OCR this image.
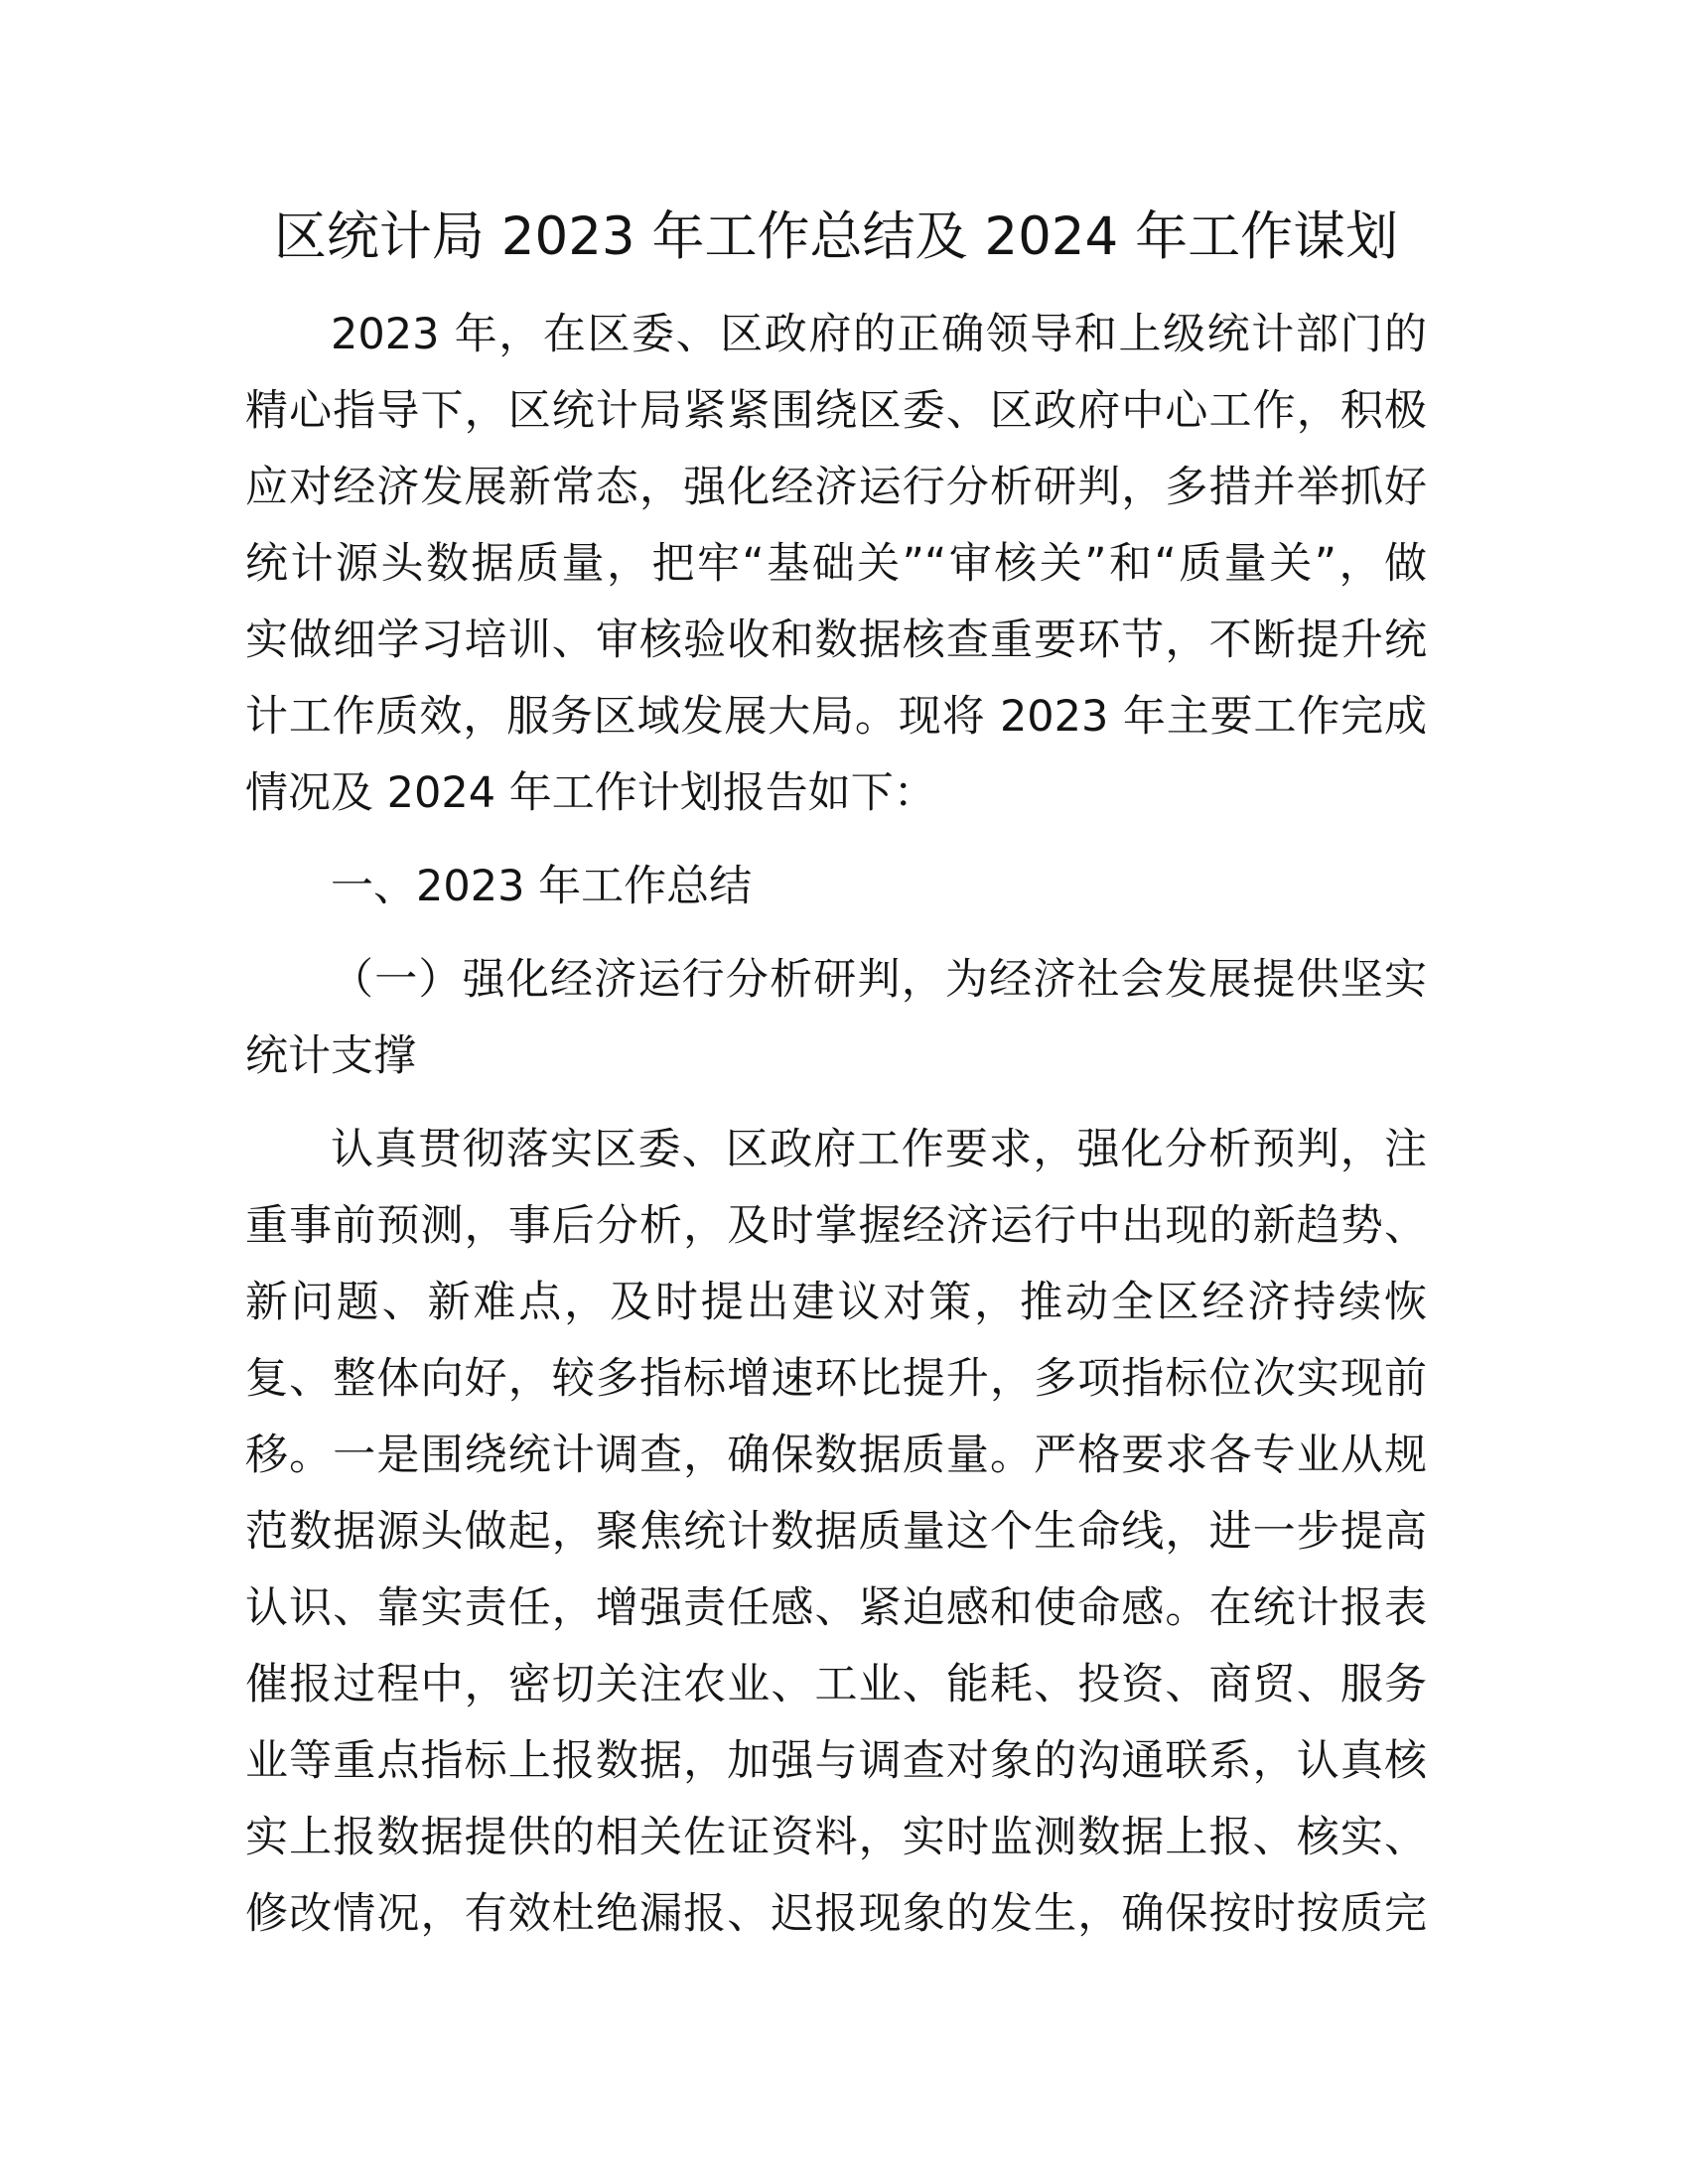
区统计局 2023 年工作总结及 2024 年工作谋划
2023 年，在区委、区政府的正确领导和上级统计部门的
精心指导下，区统计局紧紧围绕区委、区政府中心工作，积极
应对经济发展新常态，强化经济运行分析研判，多措并举抓好
统计源头数据质量，把牢“基础关”“审核关”和“质量关”，做
实做细学习培训、审核验收和数据核查重要环节，不断提升统
计工作质效，服务区域发展大局。现将 2023 年主要工作完成
情况及 2024 年工作计划报告如下：
一、2023 年工作总结
（一）强化经济运行分析研判，为经济社会发展提供坚实
统计支撑
认真贯彻落实区委、区政府工作要求，强化分析预判，注
重事前预测，事后分析，及时掌握经济运行中出现的新趋势、
新问题、新难点，及时提出建议对策，推动全区经济持续恢
复、整体向好，较多指标增速环比提升，多项指标位次实现前
移。一是围绕统计调查，确保数据质量。严格要求各专业从规
范数据源头做起，聚焦统计数据质量这个生命线，进一步提高
认识、靠实责任，增强责任感、紧迫感和使命感。在统计报表
催报过程中，密切关注农业、工业、能耗、投资、商贸、服务
业等重点指标上报数据，加强与调查对象的沟通联系，认真核
实上报数据提供的相关佐证资料，实时监测数据上报、核实、
修改情况，有效杜绝漏报、迟报现象的发生，确保按时按质完
